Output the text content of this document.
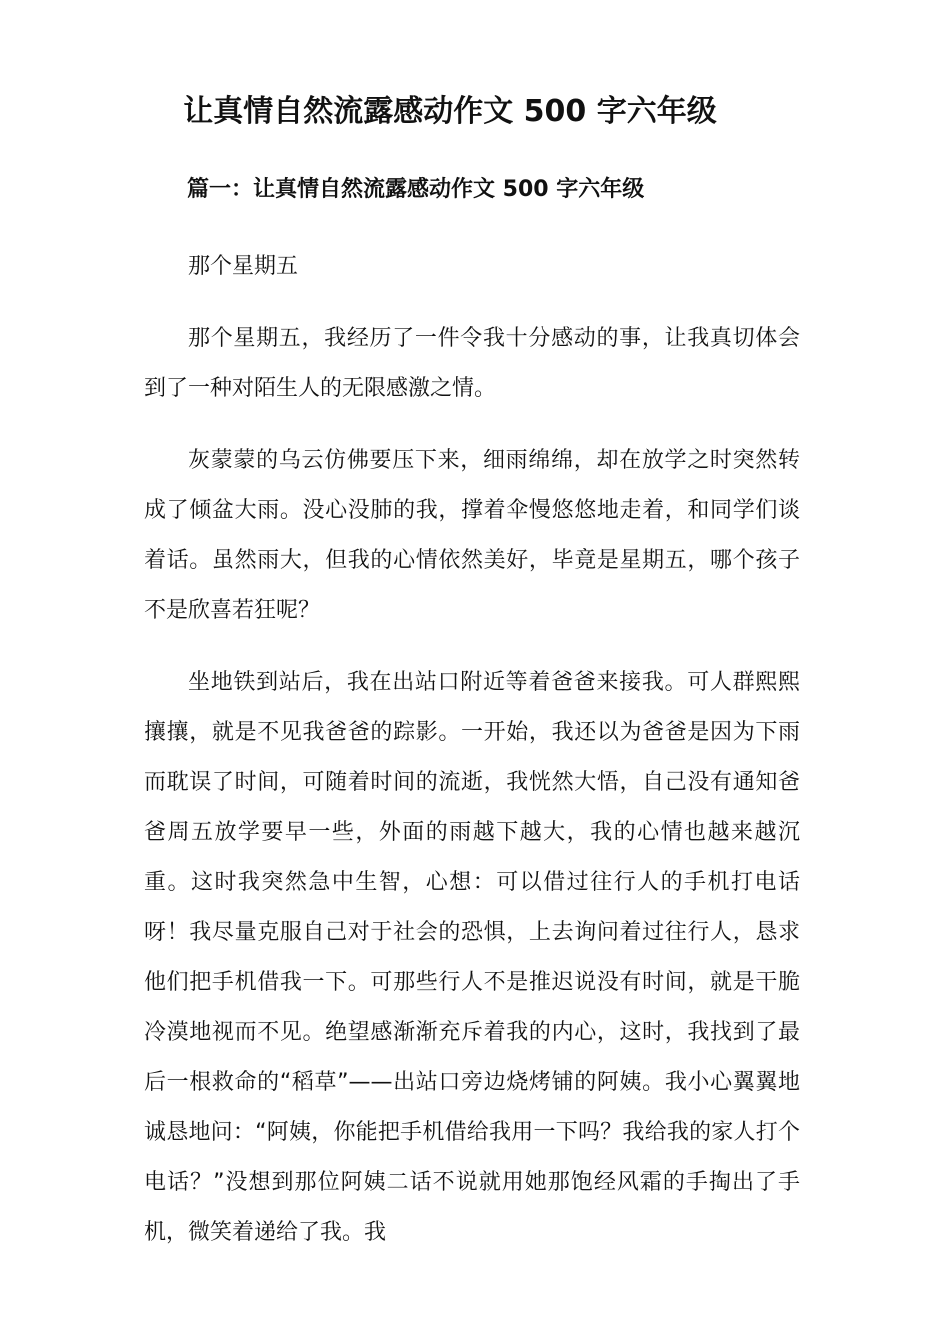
让真情自然流露感动作文 500 字六年级
篇一：让真情自然流露感动作文 500 字六年级

那个星期五

那个星期五，我经历了一件令我十分感动的事，让我真切体会到了一种对陌生人的无限感激之情。

灰蒙蒙的乌云仿佛要压下来，细雨绵绵，却在放学之时突然转成了倾盆大雨。没心没肺的我，撑着伞慢悠悠地走着，和同学们谈着话。虽然雨大，但我的心情依然美好，毕竟是星期五，哪个孩子不是欣喜若狂呢？

坐地铁到站后，我在出站口附近等着爸爸来接我。可人群熙熙攘攘，就是不见我爸爸的踪影。一开始，我还以为爸爸是因为下雨而耽误了时间，可随着时间的流逝，我恍然大悟，自己没有通知爸爸周五放学要早一些，外面的雨越下越大，我的心情也越来越沉重。这时我突然急中生智，心想：可以借过往行人的手机打电话呀！我尽量克服自己对于社会的恐惧，上去询问着过往行人，恳求他们把手机借我一下。可那些行人不是推迟说没有时间，就是干脆冷漠地视而不见。绝望感渐渐充斥着我的内心，这时，我找到了最后一根救命的“稻草”——出站口旁边烧烤铺的阿姨。我小心翼翼地诚恳地问：“阿姨，你能把手机借给我用一下吗？我给我的家人打个电话？”没想到那位阿姨二话不说就用她那饱经风霜的手掏出了手机，微笑着递给了我。我
